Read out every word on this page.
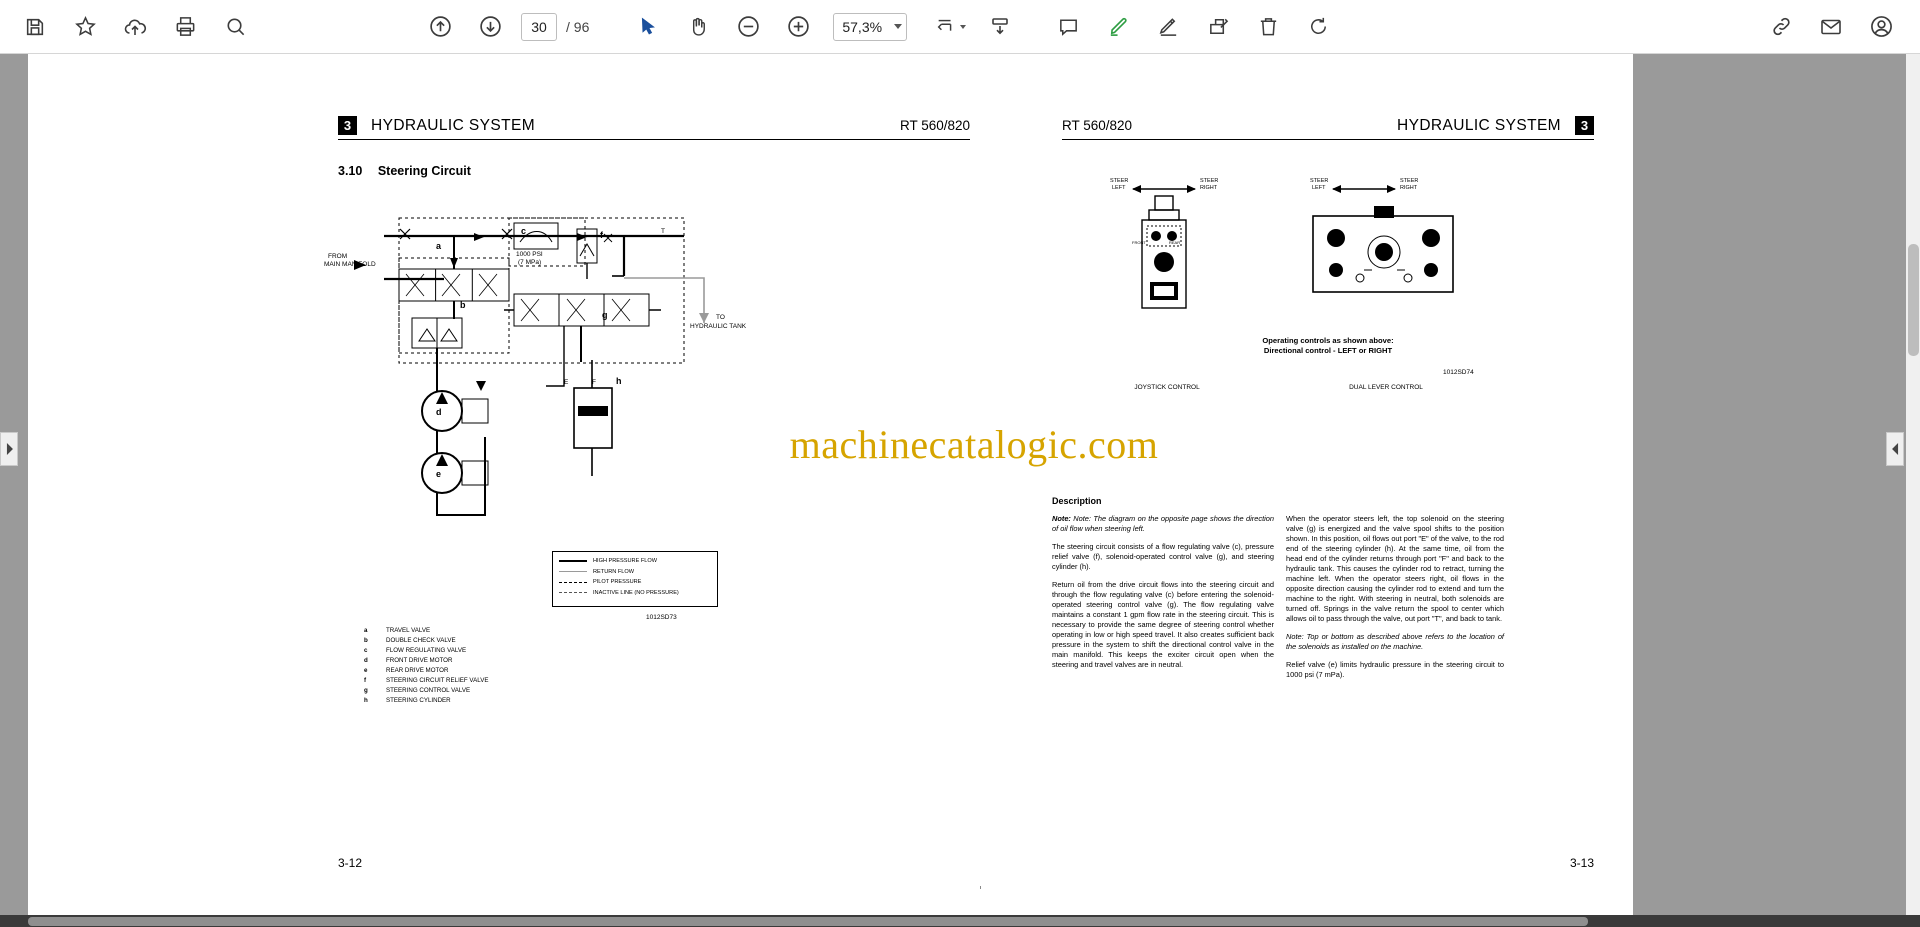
30	/ 96	57,3%
3	HYDRAULIC SYSTEM	RT 560/820
3.10 Steering Circuit
FROM
MAIN MANIFOLD
TO
HYDRAULIC TANK
1000 PSI
(7 MPa)
T
E	F
a
b
c
d
e
f
g
h
machinecatalogic.com
HIGH PRESSURE FLOW
RETURN FLOW
PILOT PRESSURE
INACTIVE LINE (NO PRESSURE)
1012SD73
a	TRAVEL VALVE
b	DOUBLE CHECK VALVE
c	FLOW REGULATING VALVE
d	FRONT DRIVE MOTOR
e	REAR DRIVE MOTOR
f	STEERING CIRCUIT RELIEF VALVE
g	STEERING CONTROL VALVE
h	STEERING CYLINDER
3-12
RT 560/820	HYDRAULIC SYSTEM	3
STEER
LEFT
STEER
RIGHT
FRONT	REAR
STEER
LEFT
STEER
RIGHT
JOYSTICK CONTROL	DUAL LEVER CONTROL
1012SD74
Operating controls as shown above:
Directional control - LEFT or RIGHT
Description

Note: Note: The diagram on the opposite page shows the direction of oil flow when steering left.

The steering circuit consists of a flow regulating valve (c), pressure relief valve (f), solenoid-operated control valve (g), and steering cylinder (h).

Return oil from the drive circuit flows into the steering circuit and through the flow regulating valve (c) before entering the solenoid-operated steering control valve (g). The flow regulating valve maintains a constant 1 gpm flow rate in the steering circuit. This is necessary to provide the same degree of steering control whether operating in low or high speed travel. It also creates sufficient back pressure in the system to shift the directional control valve in the main manifold. This keeps the exciter circuit open when the steering and travel valves are in neutral.

When the operator steers left, the top solenoid on the steering valve (g) is energized and the valve spool shifts to the position shown. In this position, oil flows out port "E" of the valve, to the rod end of the steering cylinder (h). At the same time, oil from the head end of the cylinder returns through port "F" and back to the hydraulic tank. This causes the cylinder rod to retract, turning the machine left. When the operator steers right, oil flows in the opposite direction causing the cylinder rod to extend and turn the machine to the right. With steering in neutral, both solenoids are turned off. Springs in the valve return the spool to center which allows oil to pass through the valve, out port "T", and back to tank.

Note: Top or bottom as described above refers to the location of the solenoids as installed on the machine.

Relief valve (e) limits hydraulic pressure in the steering circuit to 1000 psi (7 mPa).

3-13
